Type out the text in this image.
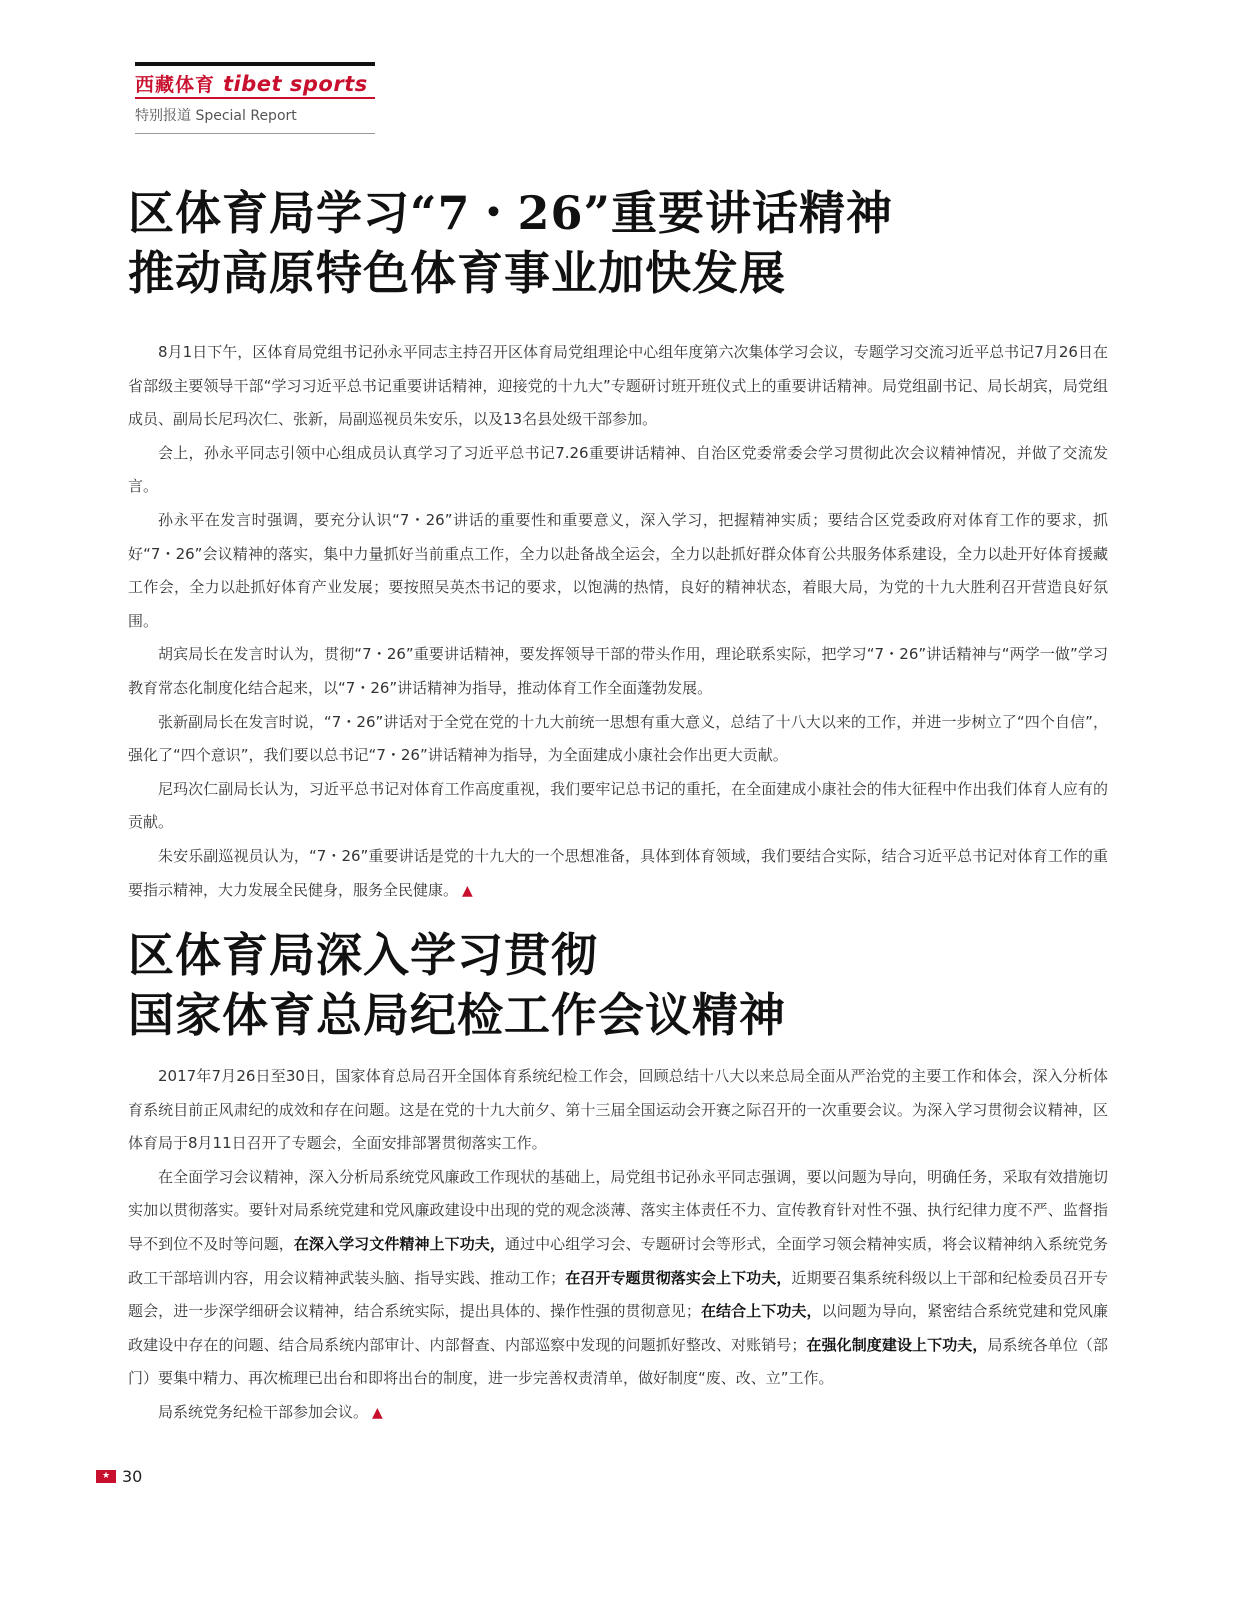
西藏体育 tibet sports
特别报道 Special Report
区体育局学习“7・26”重要讲话精神
推动高原特色体育事业加快发展

8月1日下午，区体育局党组书记孙永平同志主持召开区体育局党组理论中心组年度第六次集体学习会议，专题学习交流习近平总书记7月26日在省部级主要领导干部“学习习近平总书记重要讲话精神，迎接党的十九大”专题研讨班开班仪式上的重要讲话精神。局党组副书记、局长胡宾，局党组成员、副局长尼玛次仁、张新，局副巡视员朱安乐，以及13名县处级干部参加。

会上，孙永平同志引领中心组成员认真学习了习近平总书记7.26重要讲话精神、自治区党委常委会学习贯彻此次会议精神情况，并做了交流发言。

孙永平在发言时强调，要充分认识“7・26”讲话的重要性和重要意义，深入学习，把握精神实质；要结合区党委政府对体育工作的要求，抓好“7・26”会议精神的落实，集中力量抓好当前重点工作，全力以赴备战全运会，全力以赴抓好群众体育公共服务体系建设，全力以赴开好体育援藏工作会，全力以赴抓好体育产业发展；要按照吴英杰书记的要求，以饱满的热情，良好的精神状态，着眼大局，为党的十九大胜利召开营造良好氛围。

胡宾局长在发言时认为，贯彻“7・26”重要讲话精神，要发挥领导干部的带头作用，理论联系实际，把学习“7・26”讲话精神与“两学一做”学习教育常态化制度化结合起来，以“7・26”讲话精神为指导，推动体育工作全面蓬勃发展。

张新副局长在发言时说，“7・26”讲话对于全党在党的十九大前统一思想有重大意义，总结了十八大以来的工作，并进一步树立了“四个自信”，强化了“四个意识”，我们要以总书记“7・26”讲话精神为指导，为全面建成小康社会作出更大贡献。

尼玛次仁副局长认为，习近平总书记对体育工作高度重视，我们要牢记总书记的重托，在全面建成小康社会的伟大征程中作出我们体育人应有的贡献。

朱安乐副巡视员认为，“7・26”重要讲话是党的十九大的一个思想准备，具体到体育领域，我们要结合实际，结合习近平总书记对体育工作的重要指示精神，大力发展全民健身，服务全民健康。 ▲

区体育局深入学习贯彻
国家体育总局纪检工作会议精神

2017年7月26日至30日，国家体育总局召开全国体育系统纪检工作会，回顾总结十八大以来总局全面从严治党的主要工作和体会，深入分析体育系统目前正风肃纪的成效和存在问题。这是在党的十九大前夕、第十三届全国运动会开赛之际召开的一次重要会议。为深入学习贯彻会议精神，区体育局于8月11日召开了专题会，全面安排部署贯彻落实工作。

在全面学习会议精神，深入分析局系统党风廉政工作现状的基础上，局党组书记孙永平同志强调，要以问题为导向，明确任务，采取有效措施切实加以贯彻落实。要针对局系统党建和党风廉政建设中出现的党的观念淡薄、落实主体责任不力、宣传教育针对性不强、执行纪律力度不严、监督指导不到位不及时等问题，在深入学习文件精神上下功夫，通过中心组学习会、专题研讨会等形式，全面学习领会精神实质，将会议精神纳入系统党务政工干部培训内容，用会议精神武装头脑、指导实践、推动工作；在召开专题贯彻落实会上下功夫，近期要召集系统科级以上干部和纪检委员召开专题会，进一步深学细研会议精神，结合系统实际，提出具体的、操作性强的贯彻意见；在结合上下功夫，以问题为导向，紧密结合系统党建和党风廉政建设中存在的问题、结合局系统内部审计、内部督查、内部巡察中发现的问题抓好整改、对账销号；在强化制度建设上下功夫，局系统各单位（部门）要集中精力、再次梳理已出台和即将出台的制度，进一步完善权责清单，做好制度“废、改、立”工作。

局系统党务纪检干部参加会议。 ▲

★
30
